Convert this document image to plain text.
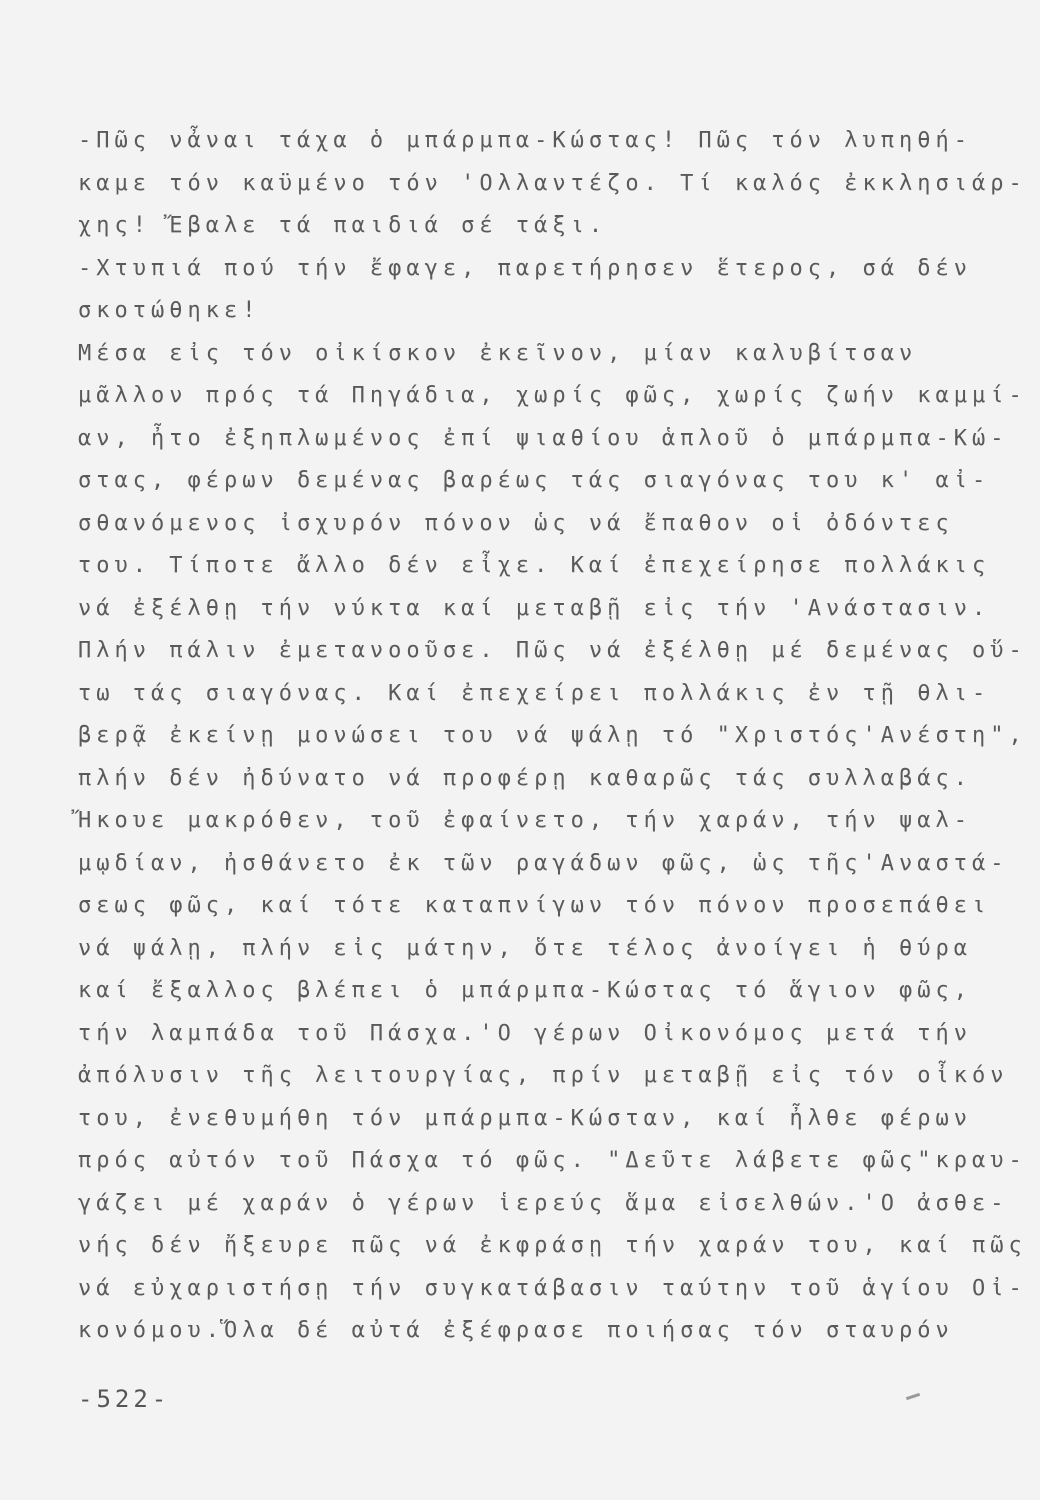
-Πῶς νἆναι τάχα ὁ μπάρμπα-Κώστας! Πῶς τόν λυπηθή-
καμε τόν καϋμένο τόν 'Ολλαντέζο. Τί καλός ἐκκλησιάρ-
χης! Ἔβαλε τά παιδιά σέ τάξι.
-Χτυπιά πού τήν ἔφαγε, παρετήρησεν ἕτερος, σά δέν
σκοτώθηκε!
Μέσα εἰς τόν οἰκίσκον ἐκεῖνον, μίαν καλυβίτσαν
μᾶλλον πρός τά Πηγάδια, χωρίς φῶς, χωρίς ζωήν καμμί-
αν, ἦτο ἐξηπλωμένος ἐπί ψιαθίου ἁπλοῦ ὁ μπάρμπα-Κώ-
στας, φέρων δεμένας βαρέως τάς σιαγόνας του κ' αἰ-
σθανόμενος ἰσχυρόν πόνον ὡς νά ἔπαθον οἱ ὀδόντες
του. Τίποτε ἄλλο δέν εἶχε. Καί ἐπεχείρησε πολλάκις
νά ἐξέλθῃ τήν νύκτα καί μεταβῇ εἰς τήν 'Ανάστασιν.
Πλήν πάλιν ἐμετανοοῦσε. Πῶς νά ἐξέλθῃ μέ δεμένας οὕ-
τω τάς σιαγόνας. Καί ἐπεχείρει πολλάκις ἐν τῇ θλι-
βερᾷ ἐκείνῃ μονώσει του νά ψάλῃ τό "Χριστός'Ανέστη",
πλήν δέν ἠδύνατο νά προφέρῃ καθαρῶς τάς συλλαβάς.
Ἤκουε μακρόθεν, τοῦ ἐφαίνετο, τήν χαράν, τήν ψαλ-
μῳδίαν, ἠσθάνετο ἐκ τῶν ραγάδων φῶς, ὡς τῆς'Αναστά-
σεως φῶς, καί τότε καταπνίγων τόν πόνον προσεπάθει
νά ψάλῃ, πλήν εἰς μάτην, ὅτε τέλος ἀνοίγει ἡ θύρα
καί ἔξαλλος βλέπει ὁ μπάρμπα-Κώστας τό ἅγιον φῶς,
τήν λαμπάδα τοῦ Πάσχα.'Ο γέρων Οἰκονόμος μετά τήν
ἀπόλυσιν τῆς λειτουργίας, πρίν μεταβῇ εἰς τόν οἶκόν
του, ἐνεθυμήθη τόν μπάρμπα-Κώσταν, καί ἦλθε φέρων
πρός αὐτόν τοῦ Πάσχα τό φῶς. "Δεῦτε λάβετε φῶς"κραυ-
γάζει μέ χαράν ὁ γέρων ἱερεύς ἅμα εἰσελθών.'Ο ἀσθε-
νής δέν ἤξευρε πῶς νά ἐκφράσῃ τήν χαράν του, καί πῶς
νά εὐχαριστήσῃ τήν συγκατάβασιν ταύτην τοῦ ἁγίου Οἰ-
κονόμου.Ὅλα δέ αὐτά ἐξέφρασε ποιήσας τόν σταυρόν
-522-
